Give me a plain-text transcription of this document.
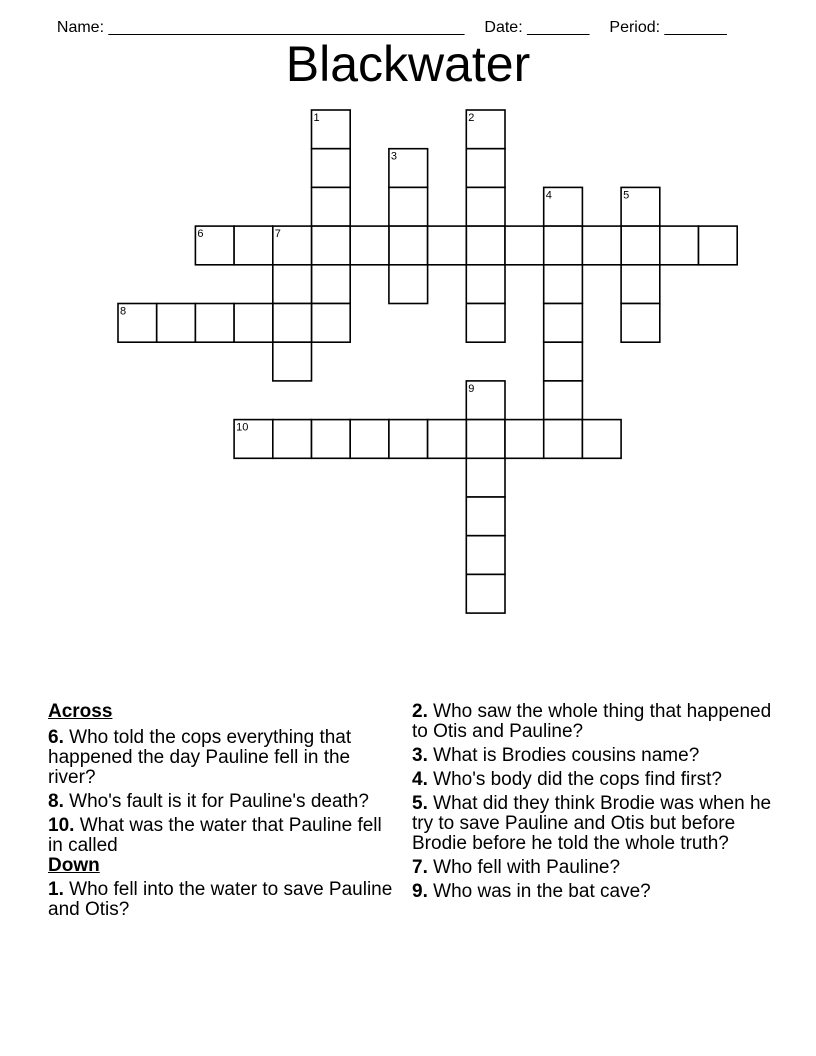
Name: ________________________________________ Date: _______ Period: _______

Blackwater
1	2
3
4	5
6	7
8
9
10
Across
6. Who told the cops everything that happened the day Pauline fell in the river?
8. Who's fault is it for Pauline's death?
10. What was the water that Pauline fell in called
Down
1. Who fell into the water to save Pauline and Otis?
2. Who saw the whole thing that happened to Otis and Pauline?
3. What is Brodies cousins name?
4. Who's body did the cops find first?
5. What did they think Brodie was when he try to save Pauline and Otis but before Brodie before he told the whole truth?
7. Who fell with Pauline?
9. Who was in the bat cave?
